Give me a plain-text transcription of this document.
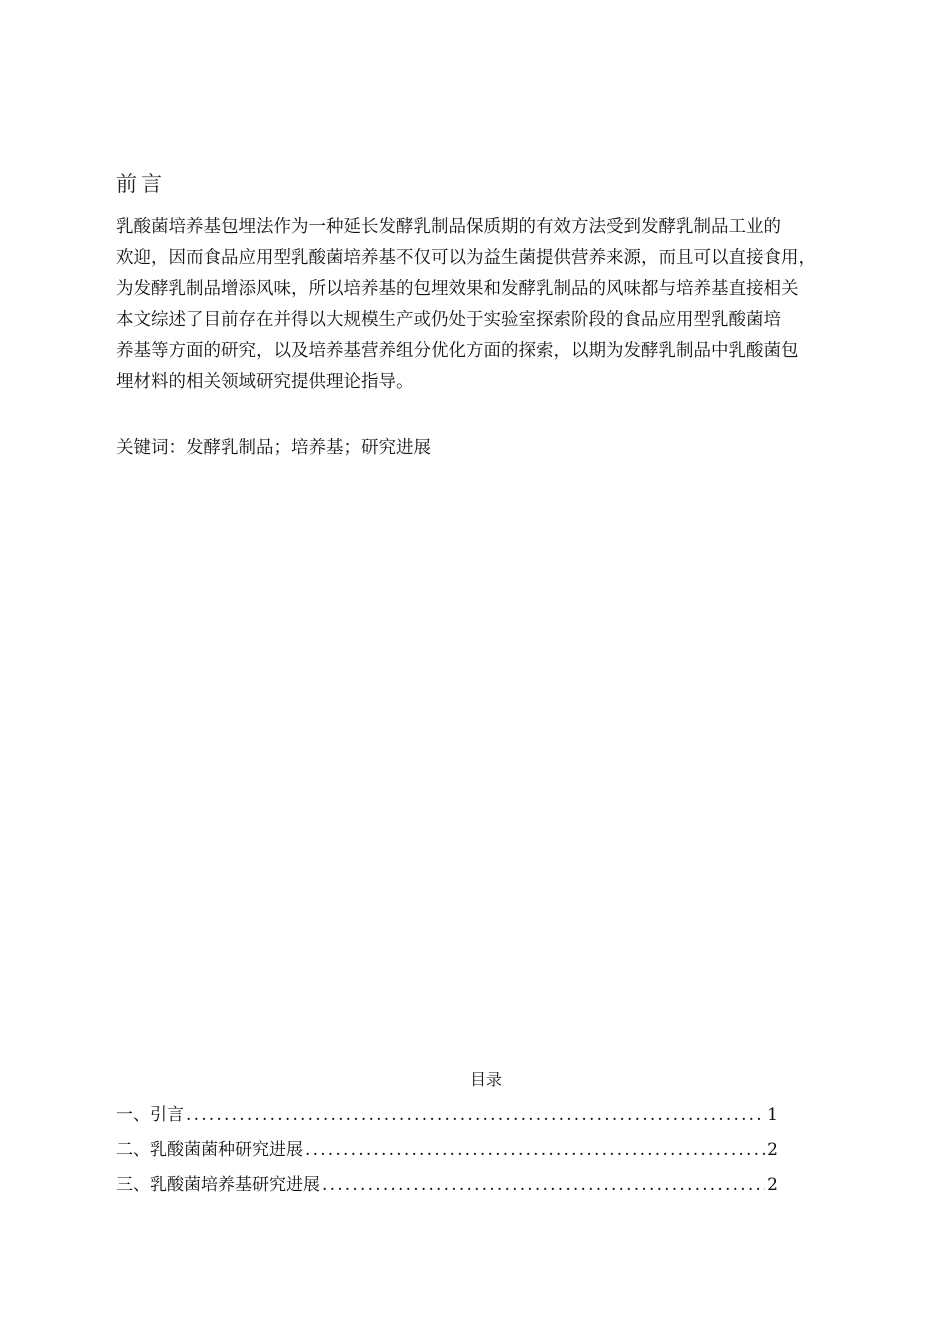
前言
乳酸菌培养基包埋法作为一种延长发酵乳制品保质期的有效方法受到发酵乳制品工业的
欢迎，因而食品应用型乳酸菌培养基不仅可以为益生菌提供营养来源，而且可以直接食用，
为发酵乳制品增添风味，所以培养基的包埋效果和发酵乳制品的风味都与培养基直接相关
本文综述了目前存在并得以大规模生产或仍处于实验室探索阶段的食品应用型乳酸菌培
养基等方面的研究，以及培养基营养组分优化方面的探索，以期为发酵乳制品中乳酸菌包
埋材料的相关领域研究提供理论指导。
关键词：发酵乳制品；培养基；研究进展
目录
一、引言 .....	1
二、乳酸菌菌种研究进展 .....	2
三、乳酸菌培养基研究进展 .....	2
